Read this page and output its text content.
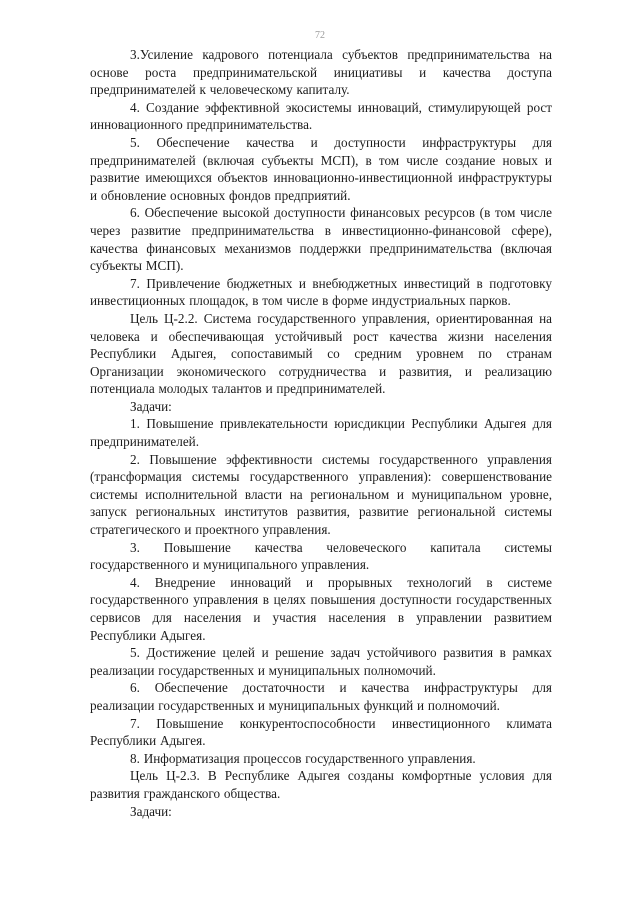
72

3.Усиление кадрового потенциала субъектов предпринимательства на основе роста предпринимательской инициативы и качества доступа предпринимателей к человеческому капиталу.

4. Создание эффективной экосистемы инноваций, стимулирующей рост инновационного предпринимательства.

5. Обеспечение качества и доступности инфраструктуры для предпринимателей (включая субъекты МСП), в том числе создание новых и развитие имеющихся объектов инновационно-инвестиционной инфраструктуры и обновление основных фондов предприятий.

6. Обеспечение высокой доступности финансовых ресурсов (в том числе через развитие предпринимательства в инвестиционно-финансовой сфере), качества финансовых механизмов поддержки предпринимательства (включая субъекты МСП).

7. Привлечение бюджетных и внебюджетных инвестиций в подготовку инвестиционных площадок, в том числе в форме индустриальных парков.

Цель Ц-2.2. Система государственного управления, ориентированная на человека и обеспечивающая устойчивый рост качества жизни населения Республики Адыгея, сопоставимый со средним уровнем по странам Организации экономического сотрудничества и развития, и реализацию потенциала молодых талантов и предпринимателей.

Задачи:

1. Повышение привлекательности юрисдикции Республики Адыгея для предпринимателей.

2. Повышение эффективности системы государственного управления (трансформация системы государственного управления): совершенствование системы исполнительной власти на региональном и муниципальном уровне, запуск региональных институтов развития, развитие региональной системы стратегического и проектного управления.

3. Повышение качества человеческого капитала системы государственного и муниципального управления.

4. Внедрение инноваций и прорывных технологий в системе государственного управления в целях повышения доступности государственных сервисов для населения и участия населения в управлении развитием Республики Адыгея.

5. Достижение целей и решение задач устойчивого развития в рамках реализации государственных и муниципальных полномочий.

6. Обеспечение достаточности и качества инфраструктуры для реализации государственных и муниципальных функций и полномочий.

7. Повышение конкурентоспособности инвестиционного климата Республики Адыгея.

8. Информатизация процессов государственного управления.

Цель Ц-2.3. В Республике Адыгея созданы комфортные условия для развития гражданского общества.

Задачи:
